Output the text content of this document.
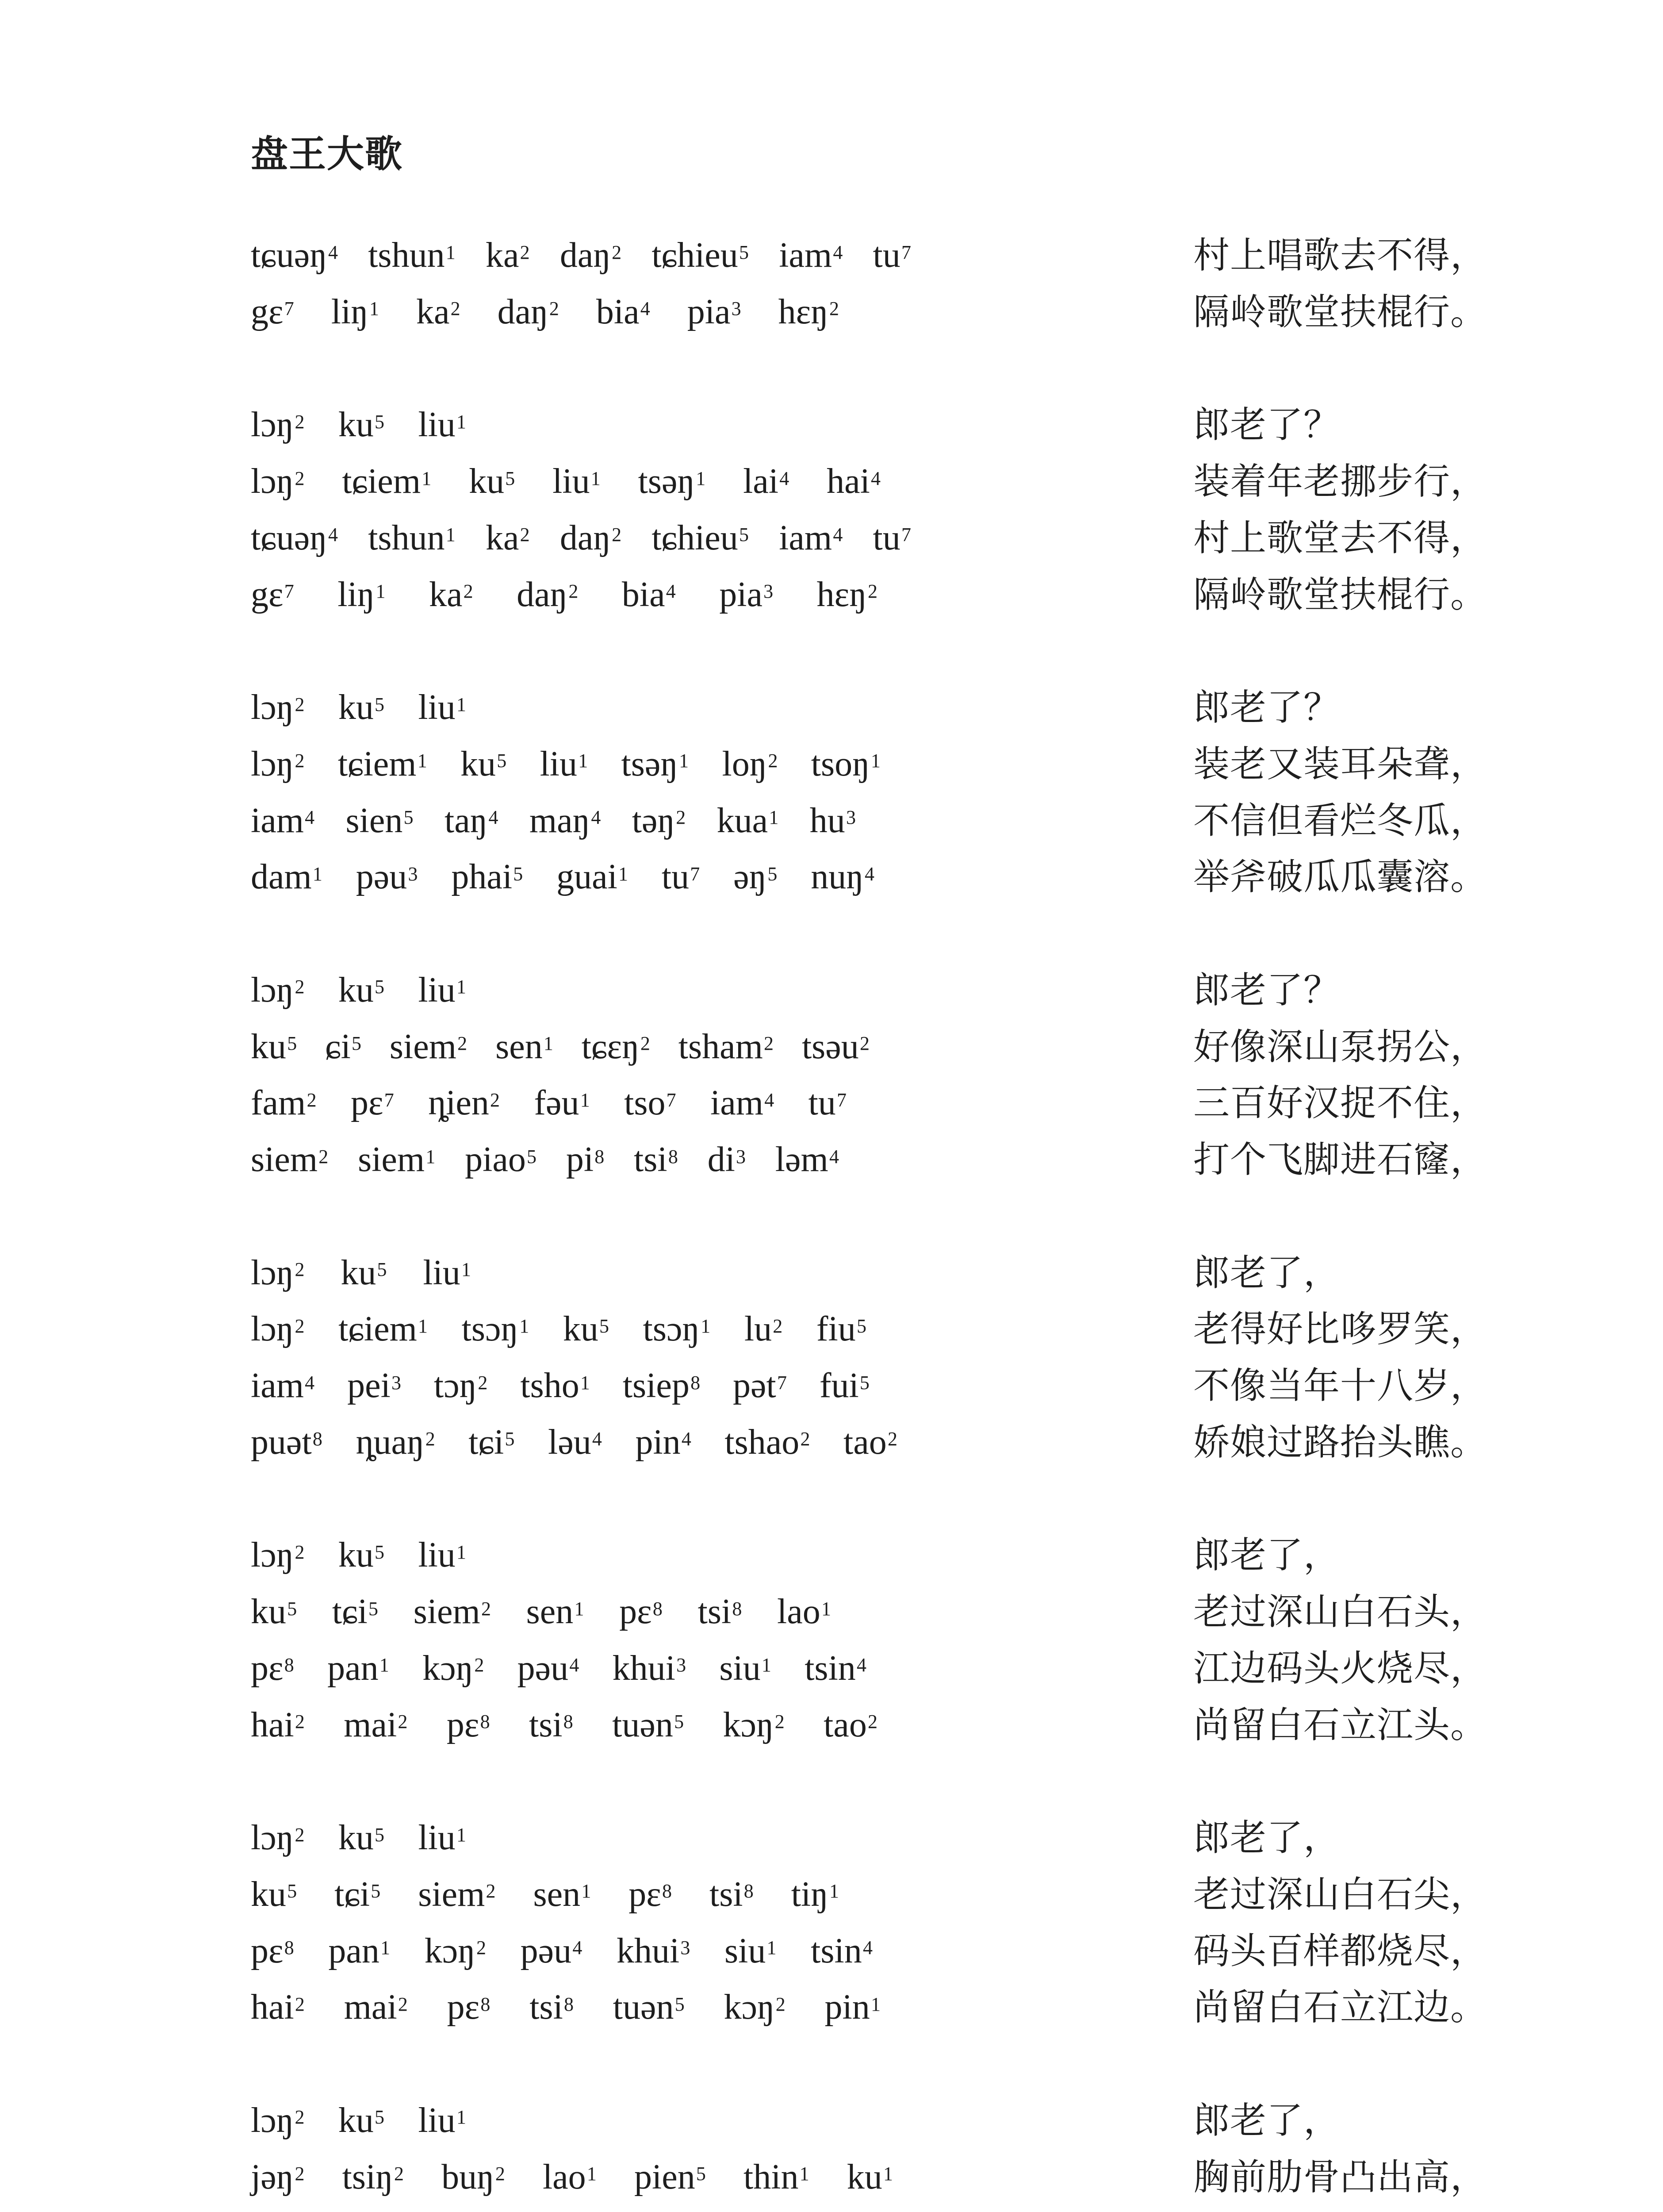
盘王大歌
tɕuəŋ$^4$ tshun$^1$ $ka^2$ daŋ$^2$ tɕhieu$^5$ iam$^4$ $tu^7$	村上唱歌去不得，
gɛ$^7$ liŋ$^1$ $ka^2$ daŋ$^2$ bia$^4$ pia$^3$ hɛŋ$^2$	隔岭歌堂扶棍行。
lɔŋ$^2$ $ku^5$ liu$^1$	郎老了？
lɔŋ$^2$ tɕiem$^1$ $ku^5$ liu$^1$ tsəŋ$^1$ lai$^4$ hai$^4$	装着年老挪步行，
tɕuəŋ$^4$ tshun$^1$ $ka^2$ daŋ$^2$ tɕhieu$^5$ iam$^4$ $tu^7$	村上歌堂去不得，
gɛ$^7$ liŋ$^1$ $ka^2$ daŋ$^2$ bia$^4$ pia$^3$ hɛŋ$^2$	隔岭歌堂扶棍行。
lɔŋ$^2$ $ku^5$ liu$^1$	郎老了？
lɔŋ$^2$ tɕiem$^1$ $ku^5$ liu$^1$ tsəŋ$^1$ loŋ$^2$ tsoŋ$^1$	装老又装耳朵聋，
iam$^4$ sien$^5$ taŋ$^4$ maŋ$^4$ təŋ$^2$ kua$^1$ $hu^3$	不信但看烂冬瓜，
dam$^1$ pəu$^3$ phai$^5$ guai$^1$ $tu^7$ əŋ$^5$ nuŋ$^4$	举斧破瓜瓜囊溶。
lɔŋ$^2$ $ku^5$ liu$^1$	郎老了？
$ku^5$ ɕi$^5$ siem$^2$ sen$^1$ tɕɛŋ$^2$ tsham$^2$ tsəu$^2$	好像深山泵拐公，
fam$^2$ pɛ$^7$ ȵien$^2$ fəu$^1$ tso$^7$ iam$^4$ $tu^7$	三百好汉捉不住，
siem$^2$ siem$^1$ piao$^5$ $pi^8$ tsi$^8$ $di^3$ ləm$^4$	打个飞脚进石窿，
lɔŋ$^2$ $ku^5$ liu$^1$	郎老了，
lɔŋ$^2$ tɕiem$^1$ tsɔŋ$^1$ $ku^5$ tsɔŋ$^1$ $lu^2$ fiu$^5$	老得好比哆罗笑，
iam$^4$ pei$^3$ tɔŋ$^2$ tsho$^1$ tsiep$^8$ pət$^7$ fui$^5$	不像当年十八岁，
puət$^8$ ȵuaŋ$^2$ tɕi$^5$ ləu$^4$ pin$^4$ tshao$^2$ tao$^2$	娇娘过路抬头瞧。
lɔŋ$^2$ $ku^5$ liu$^1$	郎老了，
$ku^5$ tɕi$^5$ siem$^2$ sen$^1$ pɛ$^8$ tsi$^8$ lao$^1$	老过深山白石头，
pɛ$^8$ pan$^1$ kɔŋ$^2$ pəu$^4$ khui$^3$ siu$^1$ tsin$^4$	江边码头火烧尽，
hai$^2$ mai$^2$ pɛ$^8$ tsi$^8$ tuən$^5$ kɔŋ$^2$ tao$^2$	尚留白石立江头。
lɔŋ$^2$ $ku^5$ liu$^1$	郎老了，
$ku^5$ tɕi$^5$ siem$^2$ sen$^1$ pɛ$^8$ tsi$^8$ tiŋ$^1$	老过深山白石尖，
pɛ$^8$ pan$^1$ kɔŋ$^2$ pəu$^4$ khui$^3$ siu$^1$ tsin$^4$	码头百样都烧尽，
hai$^2$ mai$^2$ pɛ$^8$ tsi$^8$ tuən$^5$ kɔŋ$^2$ pin$^1$	尚留白石立江边。
lɔŋ$^2$ $ku^5$ liu$^1$	郎老了，
jəŋ$^2$ tsiŋ$^2$ buŋ$^2$ lao$^1$ pien$^5$ thin$^1$ $ku^1$	胸前肋骨凸出高，
